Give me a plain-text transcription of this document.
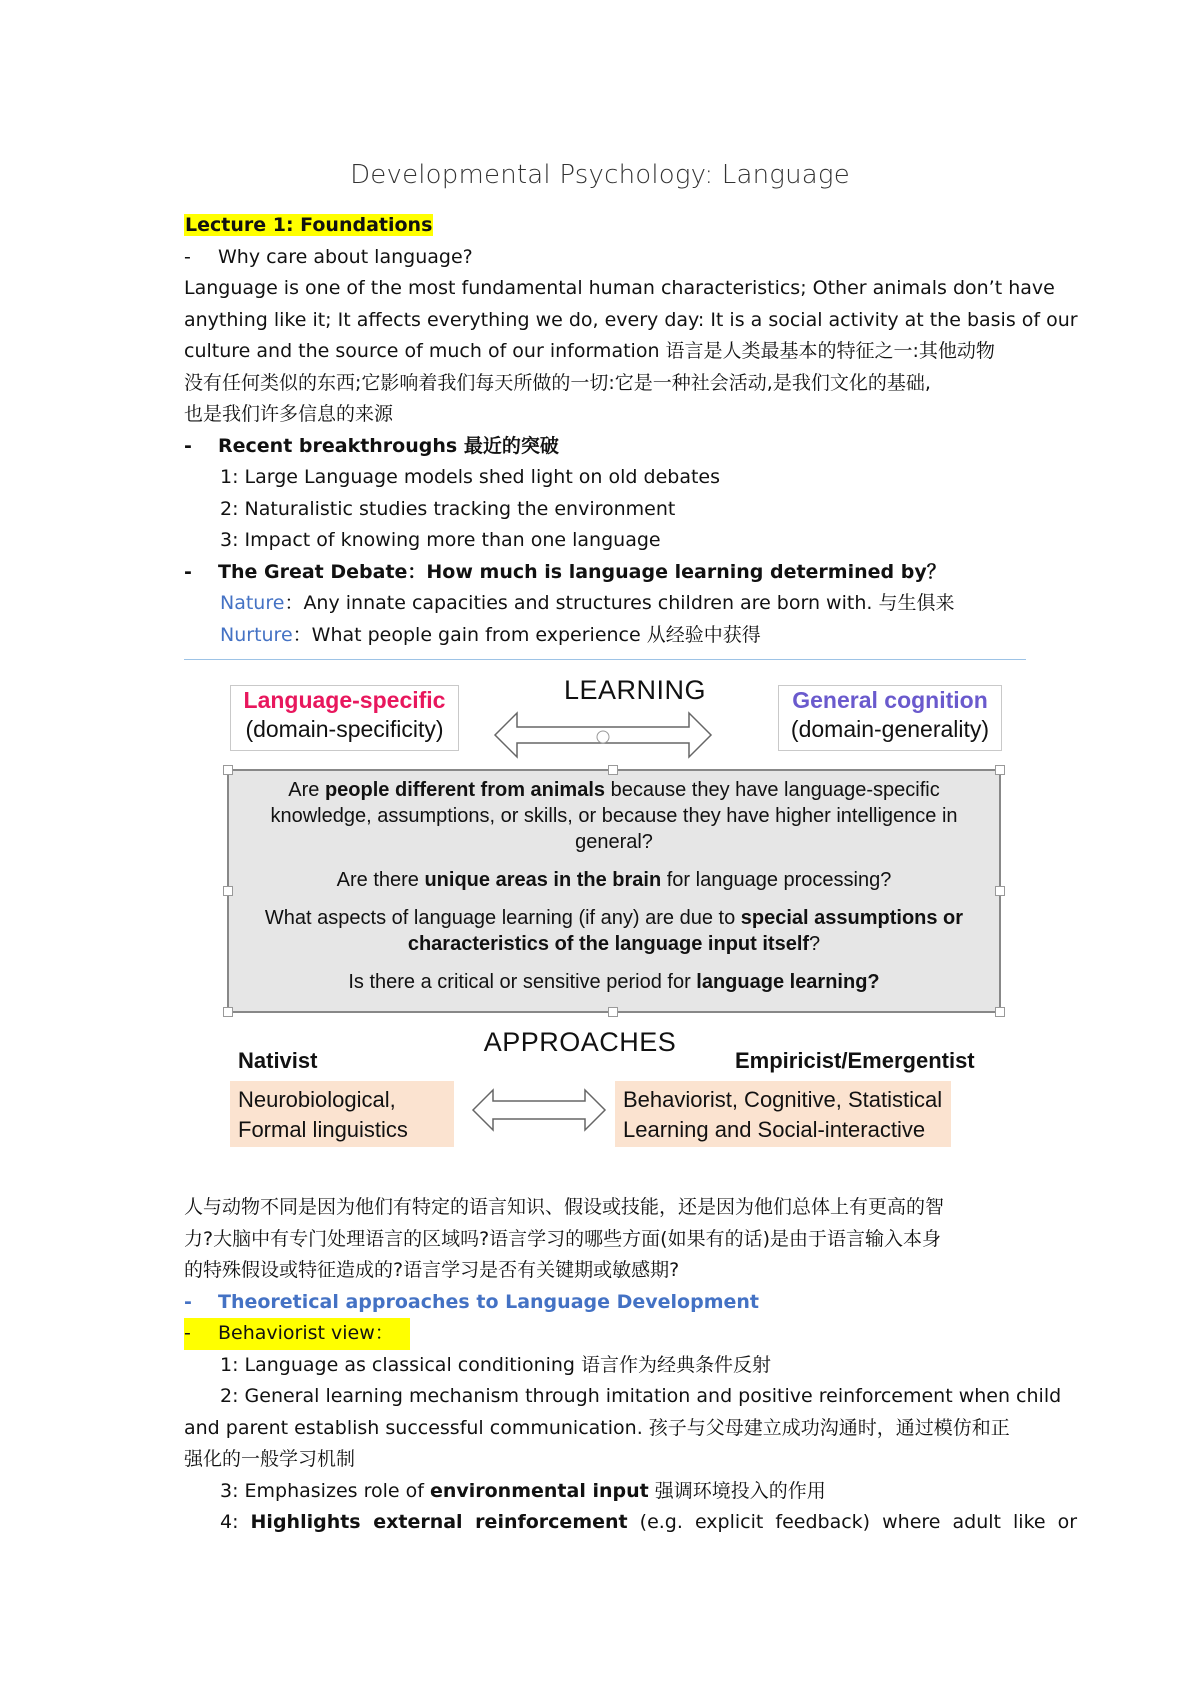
Developmental Psychology: Language
Lecture 1: Foundations
- Why care about language?
Language is one of the most fundamental human characteristics; Other animals don’t have
anything like it; It affects everything we do, every day: It is a social activity at the basis of our
culture and the source of much of our information 语言是人类最基本的特征之一:其他动物
没有任何类似的东西;它影响着我们每天所做的一切:它是一种社会活动,是我们文化的基础,
也是我们许多信息的来源
- Recent breakthroughs 最近的突破
1: Large Language models shed light on old debates
2: Naturalistic studies tracking the environment
3: Impact of knowing more than one language
- The Great Debate：How much is language learning determined by？
Nature：Any innate capacities and structures children are born with. 与生俱来
Nurture：What people gain from experience 从经验中获得
Language-specific
(domain-specificity)
LEARNING	General cognition
(domain-generality)

Are people different from animals because they have language-specific knowledge, assumptions, or skills, or because they have higher intelligence in general?

Are there unique areas in the brain for language processing?

What aspects of language learning (if any) are due to special assumptions or characteristics of the language input itself?

Is there a critical or sensitive period for language learning?

APPROACHES
Nativist	Empiricist/Emergentist
Neurobiological,
Formal linguistics
Behaviorist, Cognitive, Statistical
Learning and Social-interactive
人与动物不同是因为他们有特定的语言知识、假设或技能，还是因为他们总体上有更高的智
力?大脑中有专门处理语言的区域吗?语言学习的哪些方面(如果有的话)是由于语言输入本身
的特殊假设或特征造成的?语言学习是否有关键期或敏感期?
- Theoretical approaches to Language Development
- Behaviorist view：
1: Language as classical conditioning 语言作为经典条件反射
2: General learning mechanism through imitation and positive reinforcement when child
and parent establish successful communication. 孩子与父母建立成功沟通时，通过模仿和正
强化的一般学习机制
3: Emphasizes role of environmental input 强调环境投入的作用
4: Highlights external reinforcement (e.g. explicit feedback) where adult like or
